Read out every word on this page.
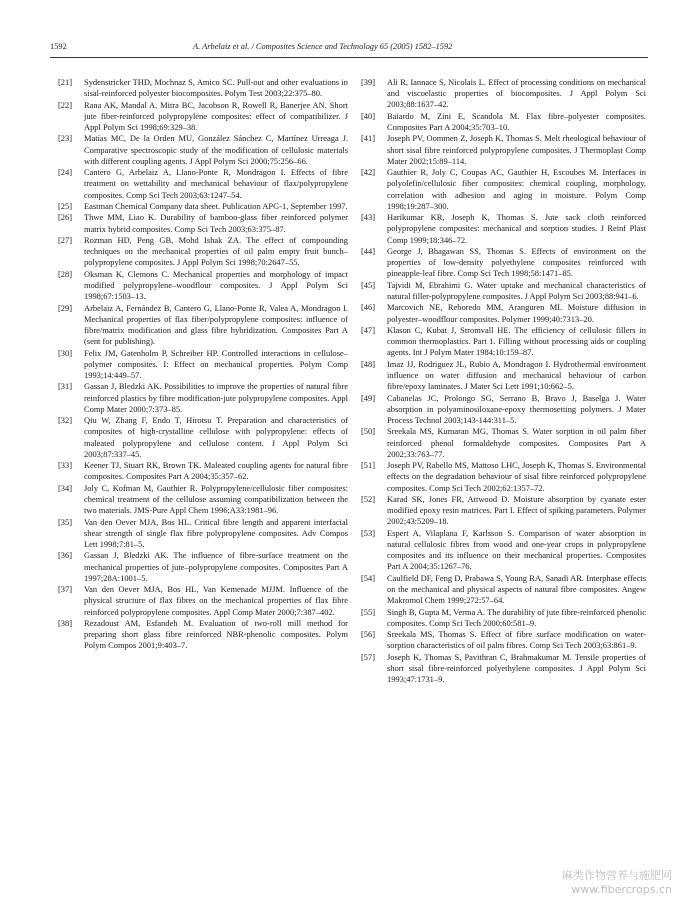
1592	A. Arbelaiz et al. / Composites Science and Technology 65 (2005) 1582–1592
[21] Sydenstricker THD, Mochnaz S, Amico SC. Pull-out and other evaluations in sisal-reinforced polyester biocomposites. Polym Test 2003;22:375–80.
[22] Rana AK, Mandal A, Mitra BC, Jacobson R, Rowell R, Banerjee AN. Short jute fiber-reinforced polypropylene composites: effect of compatibilizer. J Appl Polym Sci 1998;69:329–38.
[23] Matías MC, De la Orden MU, González Sánchez C, Martínez Urreaga J. Comparative spectroscopic study of the modification of cellulosic materials with different coupling agents. J Appl Polym Sci 2000;75:256–66.
[24] Cantero G, Arbelaiz A, Llano-Ponte R, Mondragon I. Effects of fibre treatment on wettability and mechanical behaviour of flax/polypropylene composites. Comp Sci Tech 2003;63:1247–54.
[25] Eastman Chemical Company data sheet. Publication APG-1, September 1997.
[26] Thwe MM, Liao K. Durability of bamboo-glass fiber reinforced polymer matrix hybrid composites. Comp Sci Tech 2003;63:375–87.
[27] Rozman HD, Peng GB, Mohd Ishak ZA. The effect of compounding techniques on the mechanical properties of oil palm empty fruit bunch–polypropylene composites. J Appl Polym Sci 1998;70:2647–55.
[28] Oksman K, Clemons C. Mechanical properties and morphology of impact modified polypropylene–woodflour composites. J Appl Polym Sci 1998;67:1503–13.
[29] Arbelaiz A, Fernández B, Cantero G, Llano-Ponte R, Valea A, Mondragon I. Mechanical properties of flax fiber/polypropylene composites: influence of fibre/matrix modification and glass fibre hybridization. Composites Part A (sent for publishing).
[30] Felix JM, Gatenholm P, Schreiber HP. Controlled interactions in cellulose–polymer composites. I: Effect on mechanical properties. Polym Comp 1993;14:449–57.
[31] Gassan J, Bledzki AK. Possibilities to improve the properties of natural fibre reinforced plastics by fibre modification-jute polypropylene composites. Appl Comp Mater 2000;7:373–85.
[32] Qiu W, Zhang F, Endo T, Hirotsu T. Preparation and characteristics of composites of high-crystalline cellulose with polypropylene: effects of maleated polypropylene and cellulose content. J Appl Polym Sci 2003;87:337–45.
[33] Keener TJ, Stuart RK, Brown TK. Maleated coupling agents for natural fibre composites. Composites Part A 2004;35:357–62.
[34] Joly C, Kofman M, Gauthier R. Polypropylene/cellulosic fiber composites: chemical treatment of the cellulose assuming compatibilization between the two materials. JMS-Pure Appl Chem 1996;A33:1981–96.
[35] Van den Oever MJA, Bos HL. Critical fibre length and apparent interfacial shear strength of single flax fibre polypropylene composites. Adv Compos Lett 1998;7:81–5.
[36] Gassan J, Bledzki AK. The influence of fibre-surface treatment on the mechanical properties of jute–polypropylene composites. Composites Part A 1997;28A:1001–5.
[37] Van den Oever MJA, Bos HL, Van Kemenade MJJM. Influence of the physical structure of flax fibres on the mechanical properties of flax fibre reinforced polypropylene composites. Appl Comp Mater 2000;7:387–402.
[38] Rezadoust AM, Esfandeh M. Evaluation of two-roll mill method for preparing short glass fibre reinforced NBR-phenolic composites. Polym Polym Compos 2001;9:403–7.
[39] Ali R, Iannace S, Nicolais L. Effect of processing conditions on mechanical and viscoelastic properties of biocomposites. J Appl Polym Sci 2003;88:1637–42.
[40] Baiardo M, Zini E, Scandola M. Flax fibre–polyester composites. Composites Part A 2004;35:703–10.
[41] Joseph PV, Oommen Z, Joseph K, Thomas S. Melt rheological behaviour of short sisal fibre reinforced polypropylene composites. J Thermoplast Comp Mater 2002;15:89–114.
[42] Gauthier R, Joly C, Coupas AC, Gauthier H, Escoubes M. Interfaces in polyolefin/cellulosic fiber composites: chemical coupling, morphology, correlation with adhesion and aging in moisture. Polym Comp 1998;19:287–300.
[43] Harikumar KR, Joseph K, Thomas S. Jute sack cloth reinforced polypropylene composites: mechanical and sorption studies. J Reinf Plast Comp 1999;18:346–72.
[44] George J, Bhagawan SS, Thomas S. Effects of environment on the properties of low-density polyethylene composites reinforced with pineapple-leaf fibre. Comp Sci Tech 1998;58:1471–85.
[45] Tajvidi M, Ebrahimi G. Water uptake and mechanical characteristics of natural filler-polypropylene composites. J Appl Polym Sci 2003;88:941–6.
[46] Marcovich NE, Reboredo MM, Aranguren MI. Moisture diffusion in polyester–woodflour composites. Polymer 1999;40:7313–20.
[47] Klason C, Kubat J, Stromvall HE. The efficiency of cellulosic fillers in common thermoplastics. Part 1. Filling without processing aids or coupling agents. Int J Polym Mater 1984;10:159–87.
[48] Imaz JJ, Rodriguez JL, Rubio A, Mondragon I. Hydrothermal environment influence on water diffusion and mechanical behaviour of carbon fibre/epoxy laminates. J Mater Sci Lett 1991;10:662–5.
[49] Cabanelas JC, Prolongo SG, Serrano B, Bravo J, Baselga J. Water absorption in polyaminosiloxane-epoxy thermosetting polymers. J Mater Process Technol 2003;143-144:311–5.
[50] Sreekala MS, Kumaran MG, Thomas S. Water sorption in oil palm fiber reinforced phenol formaldehyde composites. Composites Part A 2002;33:763–77.
[51] Joseph PV, Rabello MS, Mattoso LHC, Joseph K, Thomas S. Environmental effects on the degradation behaviour of sisal fibre reinforced polypropylene composites. Comp Sci Tech 2002;62:1357–72.
[52] Karad SK, Jones FR, Attwood D. Moisture absorption by cyanate ester modified epoxy resin matrices. Part I. Effect of spiking parameters. Polymer 2002;43:5209–18.
[53] Espert A, Vilaplana F, Karlsson S. Comparison of water absorption in natural cellulosic fibres from wood and one-year crops in polypropylene composites and its influence on their mechanical properties. Composites Part A 2004;35:1267–76.
[54] Caulfield DF, Feng D, Prabawa S, Young RA, Sanadi AR. Interphase effects on the mechanical and physical aspects of natural fibre composites. Angew Makromol Chem 1999;272:57–64.
[55] Singh B, Gupta M, Verma A. The durability of jute fibre-reinforced phenolic composites. Comp Sci Tech 2000;60:581–9.
[56] Sreekala MS, Thomas S. Effect of fibre surface modification on water-sorption characteristics of oil palm fibres. Comp Sci Tech 2003;63:861–9.
[57] Joseph K, Thomas S, Pavithran C, Brahmakumar M. Tensile properties of short sisal fibre-reinforced polyethylene composites. J Appl Polym Sci 1993;47:1731–9.
麻类作物营养与施肥网
www.fibercrops.cn
